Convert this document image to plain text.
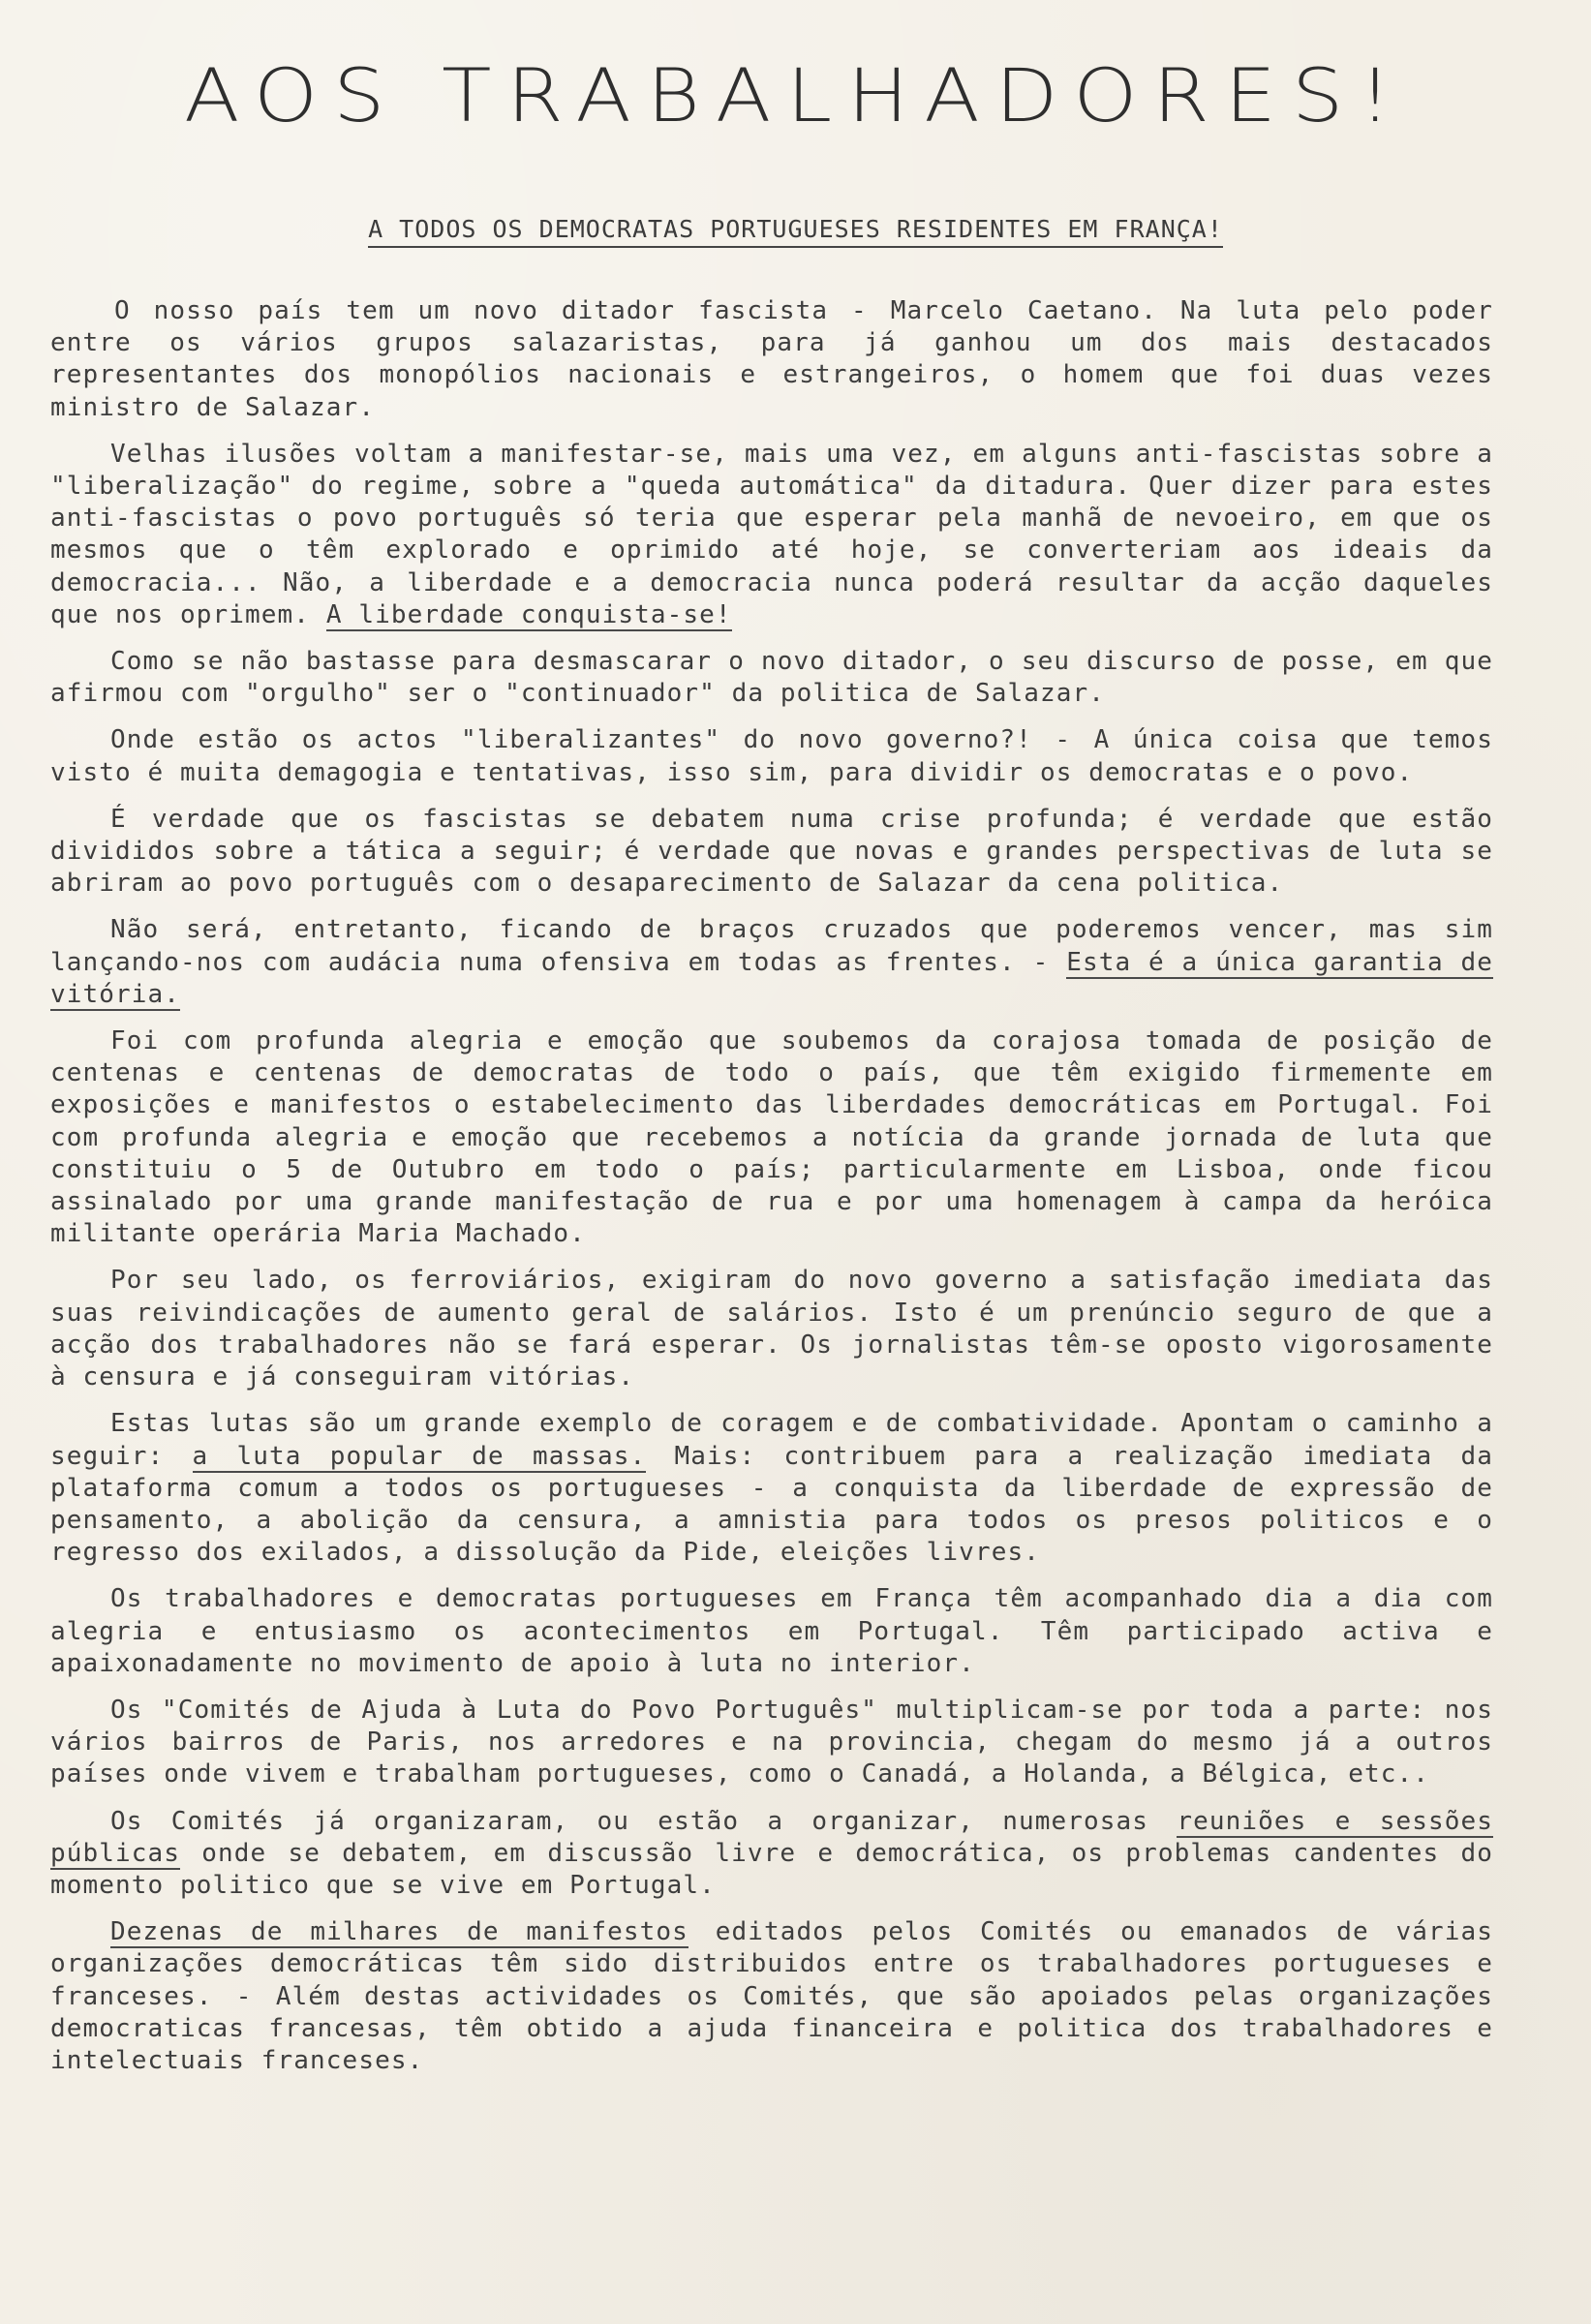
AOS TRABALHADORES!
A TODOS OS DEMOCRATAS PORTUGUESES RESIDENTES EM FRANÇA!

O nosso país tem um novo ditador fascista - Marcelo Caetano. Na luta pelo poder entre os vários grupos salazaristas, para já ganhou um dos mais destacados representantes dos monopólios nacionais e estrangeiros, o homem que foi duas vezes ministro de Salazar.

Velhas ilusões voltam a manifestar-se, mais uma vez, em alguns anti-fascistas sobre a "liberalização" do regime, sobre a "queda automática" da ditadura. Quer dizer para estes anti-fascistas o povo português só teria que esperar pela manhã de nevoeiro, em que os mesmos que o têm explorado e oprimido até hoje, se converteriam aos ideais da democracia... Não, a liberdade e a democracia nunca poderá resultar da acção daqueles que nos oprimem. A liberdade conquista-se!

Como se não bastasse para desmascarar o novo ditador, o seu discurso de posse, em que afirmou com "orgulho" ser o "continuador" da politica de Salazar.

Onde estão os actos "liberalizantes" do novo governo?! - A única coisa que temos visto é muita demagogia e tentativas, isso sim, para dividir os democratas e o povo.

É verdade que os fascistas se debatem numa crise profunda; é verdade que estão divididos sobre a tática a seguir; é verdade que novas e grandes perspectivas de luta se abriram ao povo português com o desaparecimento de Salazar da cena politica.

Não será, entretanto, ficando de braços cruzados que poderemos vencer, mas sim lançando-nos com audácia numa ofensiva em todas as frentes. - Esta é a única garantia de vitória.

Foi com profunda alegria e emoção que soubemos da corajosa tomada de posição de centenas e centenas de democratas de todo o país, que têm exigido firmemente em exposições e manifestos o estabelecimento das liberdades democráticas em Portugal. Foi com profunda alegria e emoção que recebemos a notícia da grande jornada de luta que constituiu o 5 de Outubro em todo o país; particularmente em Lisboa, onde ficou assinalado por uma grande manifestação de rua e por uma homenagem à campa da heróica militante operária Maria Machado.

Por seu lado, os ferroviários, exigiram do novo governo a satisfação imediata das suas reivindicações de aumento geral de salários. Isto é um prenúncio seguro de que a acção dos trabalhadores não se fará esperar. Os jornalistas têm-se oposto vigorosamente à censura e já conseguiram vitórias.

Estas lutas são um grande exemplo de coragem e de combatividade. Apontam o caminho a seguir: a luta popular de massas. Mais: contribuem para a realização imediata da plataforma comum a todos os portugueses - a conquista da liberdade de expressão de pensamento, a abolição da censura, a amnistia para todos os presos politicos e o regresso dos exilados, a dissolução da Pide, eleições livres.

Os trabalhadores e democratas portugueses em França têm acompanhado dia a dia com alegria e entusiasmo os acontecimentos em Portugal. Têm participado activa e apaixonadamente no movimento de apoio à luta no interior.

Os "Comités de Ajuda à Luta do Povo Português" multiplicam-se por toda a parte: nos vários bairros de Paris, nos arredores e na provincia, chegam do mesmo já a outros países onde vivem e trabalham portugueses, como o Canadá, a Holanda, a Bélgica, etc..

Os Comités já organizaram, ou estão a organizar, numerosas reuniões e sessões públicas onde se debatem, em discussão livre e democrática, os problemas candentes do momento politico que se vive em Portugal.

Dezenas de milhares de manifestos editados pelos Comités ou emanados de várias organizações democráticas têm sido distribuidos entre os trabalhadores portugueses e franceses. - Além destas actividades os Comités, que são apoiados pelas organizações democraticas francesas, têm obtido a ajuda financeira e politica dos trabalhadores e intelectuais franceses.
